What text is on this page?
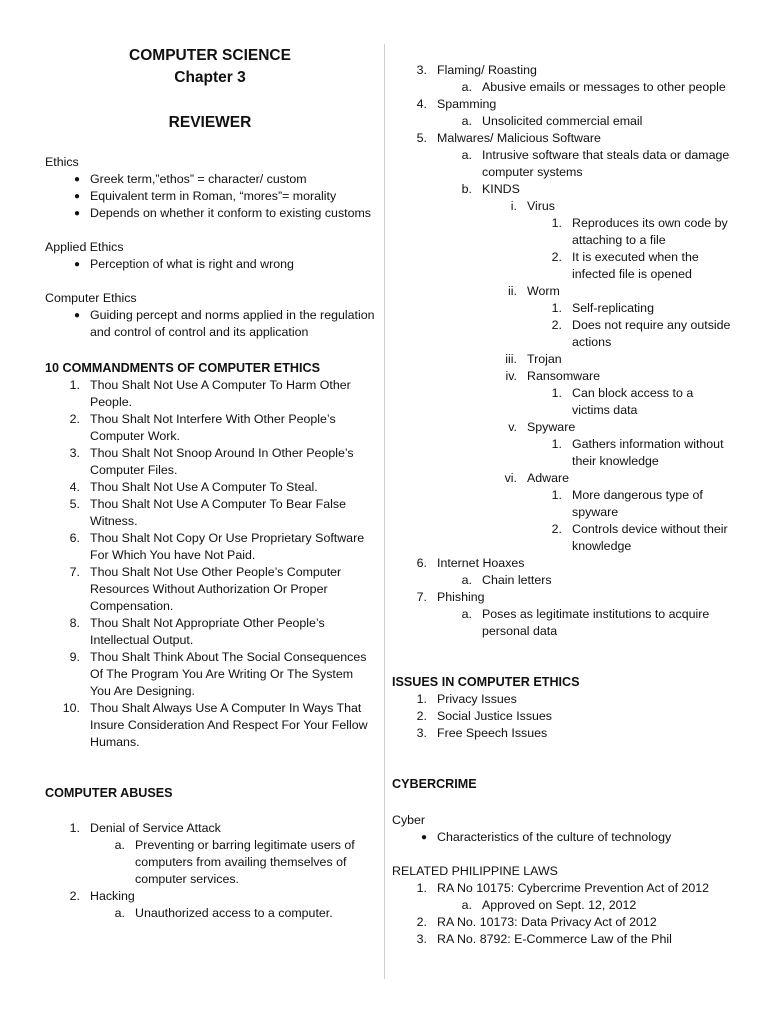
COMPUTER SCIENCE
Chapter 3
REVIEWER
Ethics
● Greek term,”ethos” = character/ custom
● Equivalent term in Roman, “mores”= morality
● Depends on whether it conform to existing customs
Applied Ethics
● Perception of what is right and wrong
Computer Ethics
● Guiding percept and norms applied in the regulation and control of control and its application
10 COMMANDMENTS OF COMPUTER ETHICS
1. Thou Shalt Not Use A Computer To Harm Other People.
2. Thou Shalt Not Interfere With Other People’s Computer Work.
3. Thou Shalt Not Snoop Around In Other People’s Computer Files.
4. Thou Shalt Not Use A Computer To Steal.
5. Thou Shalt Not Use A Computer To Bear False Witness.
6. Thou Shalt Not Copy Or Use Proprietary Software For Which You have Not Paid.
7. Thou Shalt Not Use Other People’s Computer Resources Without Authorization Or Proper Compensation.
8. Thou Shalt Not Appropriate Other People’s Intellectual Output.
9. Thou Shalt Think About The Social Consequences Of The Program You Are Writing Or The System You Are Designing.
10. Thou Shalt Always Use A Computer In Ways That Insure Consideration And Respect For Your Fellow Humans.
COMPUTER ABUSES
1. Denial of Service Attack
a. Preventing or barring legitimate users of computers from availing themselves of computer services.
2. Hacking
a. Unauthorized access to a computer.
3. Flaming/ Roasting
a. Abusive emails or messages to other people
4. Spamming
a. Unsolicited commercial email
5. Malwares/ Malicious Software
a. Intrusive software that steals data or damage computer systems
b. KINDS
i. Virus
1. Reproduces its own code by attaching to a file
2. It is executed when the infected file is opened
ii. Worm
1. Self-replicating
2. Does not require any outside actions
iii. Trojan
iv. Ransomware
1. Can block access to a victims data
v. Spyware
1. Gathers information without their knowledge
vi. Adware
1. More dangerous type of spyware
2. Controls device without their knowledge
6. Internet Hoaxes
a. Chain letters
7. Phishing
a. Poses as legitimate institutions to acquire personal data
ISSUES IN COMPUTER ETHICS
1. Privacy Issues
2. Social Justice Issues
3. Free Speech Issues
CYBERCRIME
Cyber
● Characteristics of the culture of technology
RELATED PHILIPPINE LAWS
1. RA No 10175: Cybercrime Prevention Act of 2012
a. Approved on Sept. 12, 2012
2. RA No. 10173: Data Privacy Act of 2012
3. RA No. 8792: E-Commerce Law of the Phil
